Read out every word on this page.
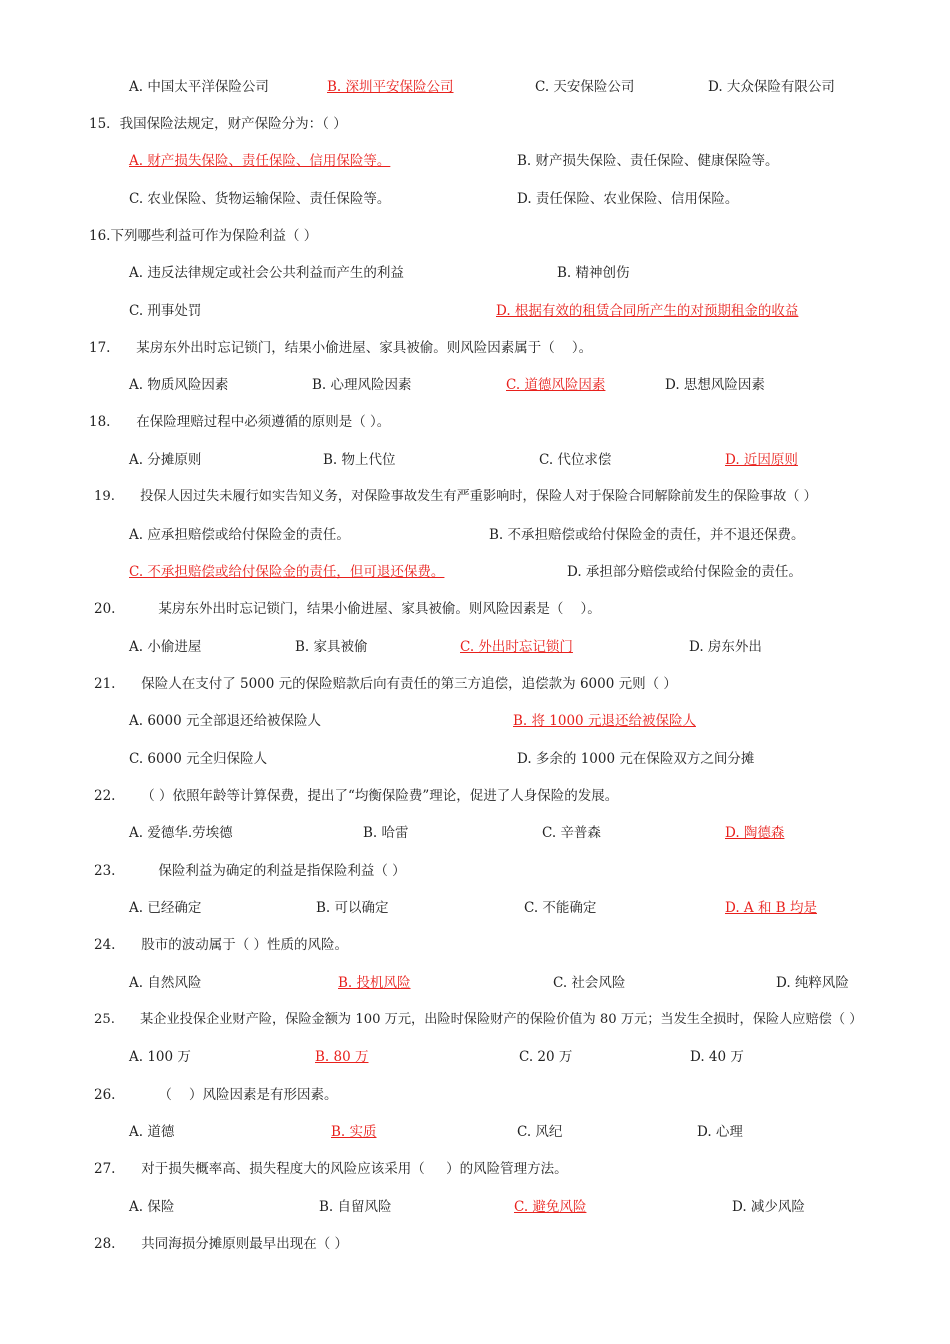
A. 中国太平洋保险公司	B. 深圳平安保险公司	C. 天安保险公司	D. 大众保险有限公司
15．我国保险法规定，财产保险分为：（ ）
A. 财产损失保险、责任保险、信用保险等。	B. 财产损失保险、责任保险、健康保险等。
C. 农业保险、货物运输保险、责任保险等。	D. 责任保险、农业保险、信用保险。
16.下列哪些利益可作为保险利益（ ）
A. 违反法律规定或社会公共利益而产生的利益	B. 精神创伤
C. 刑事处罚	D. 根据有效的租赁合同所产生的对预期租金的收益
17.      某房东外出时忘记锁门，结果小偷进屋、家具被偷。则风险因素属于（    ）。
A. 物质风险因素	B. 心理风险因素	C. 道德风险因素	D. 思想风险因素
18.      在保险理赔过程中必须遵循的原则是（ ）。
A. 分摊原则	B. 物上代位	C. 代位求偿	D. 近因原则
19.      投保人因过失未履行如实告知义务，对保险事故发生有严重影响时，保险人对于保险合同解除前发生的保险事故（ ）
A. 应承担赔偿或给付保险金的责任。	B. 不承担赔偿或给付保险金的责任，并不退还保费。
C. 不承担赔偿或给付保险金的责任，但可退还保费。	D. 承担部分赔偿或给付保险金的责任。
20.          某房东外出时忘记锁门，结果小偷进屋、家具被偷。则风险因素是（    ）。
A. 小偷进屋	B. 家具被偷	C. 外出时忘记锁门	D. 房东外出
21.      保险人在支付了 5000 元的保险赔款后向有责任的第三方追偿，追偿款为 6000 元则（ ）
A. 6000 元全部退还给被保险人	B. 将 1000 元退还给被保险人
C. 6000 元全归保险人	D. 多余的 1000 元在保险双方之间分摊
22.      （ ）依照年龄等计算保费，提出了“均衡保险费”理论，促进了人身保险的发展。
A. 爱德华.劳埃德	B. 哈雷	C. 辛普森	D. 陶德森
23.          保险利益为确定的利益是指保险利益（ ）
A. 已经确定	B. 可以确定	C. 不能确定	D. A 和 B 均是
24.      股市的波动属于（ ）性质的风险。
A. 自然风险	B. 投机风险	C. 社会风险	D. 纯粹风险
25.      某企业投保企业财产险，保险金额为 100 万元，出险时保险财产的保险价值为 80 万元；当发生全损时，保险人应赔偿（ ）
A. 100 万	B. 80 万	C. 20 万	D. 40 万
26.          （    ）风险因素是有形因素。
A. 道德	B. 实质	C. 风纪	D. 心理
27.      对于损失概率高、损失程度大的风险应该采用（     ）的风险管理方法。
A. 保险	B. 自留风险	C. 避免风险	D. 减少风险
28.      共同海损分摊原则最早出现在（ ）
